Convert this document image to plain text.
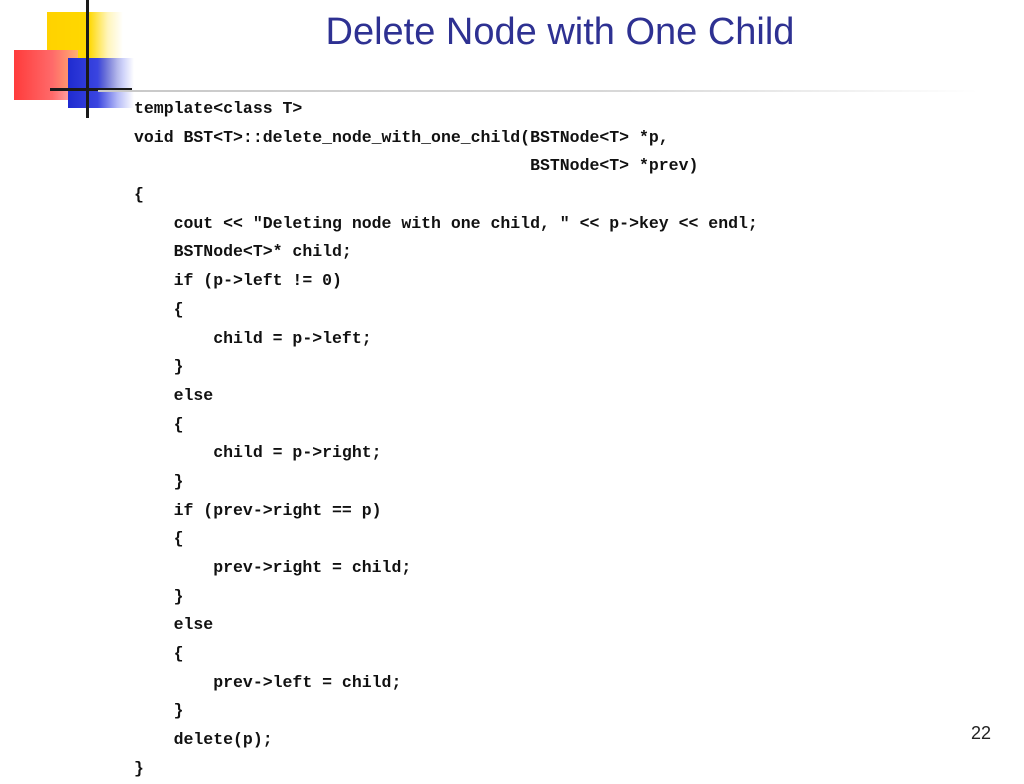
Delete Node with One Child
template<class T>
void BST<T>::delete_node_with_one_child(BSTNode<T> *p,
BSTNode<T> *prev)
{
cout << "Deleting node with one child, " << p->key << endl;
BSTNode<T>* child;
if (p->left != 0)
{
child = p->left;
}
else
{
child = p->right;
}
if (prev->right == p)
{
prev->right = child;
}
else
{
prev->left = child;
}
delete(p);
}
22
